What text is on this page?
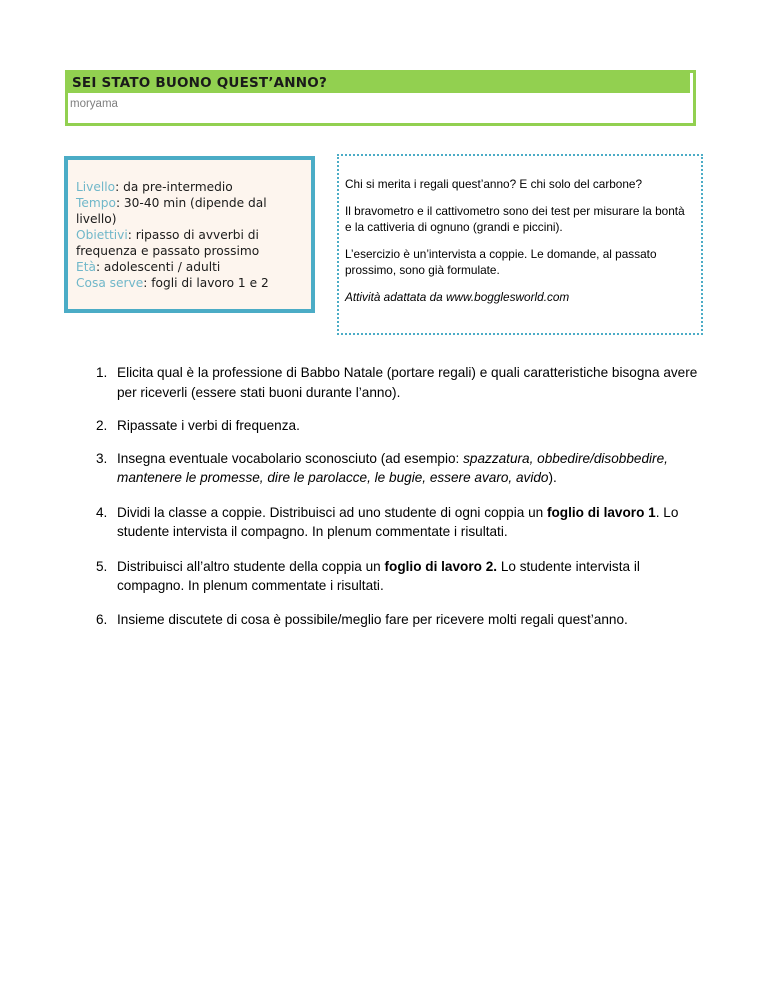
SEI STATO BUONO QUEST’ANNO?
moryama
Livello: da pre-intermedio
Tempo: 30-40 min (dipende dal livello)
Obiettivi: ripasso di avverbi di frequenza e passato prossimo
Età: adolescenti / adulti
Cosa serve: fogli di lavoro 1 e 2

Chi si merita i regali quest’anno? E chi solo del carbone?

Il bravometro e il cattivometro sono dei test per misurare la bontà e la cattiveria di ognuno (grandi e piccini).

L’esercizio è un’intervista a coppie. Le domande, al passato prossimo, sono già formulate.

Attività adattata da www.bogglesworld.com

1. Elicita qual è la professione di Babbo Natale (portare regali) e quali caratteristiche bisogna avere per riceverli (essere stati buoni durante l’anno).
2. Ripassate i verbi di frequenza.
3. Insegna eventuale vocabolario sconosciuto (ad esempio: spazzatura, obbedire/disobbedire, mantenere le promesse, dire le parolacce, le bugie, essere avaro, avido).
4. Dividi la classe a coppie. Distribuisci ad uno studente di ogni coppia un foglio di lavoro 1. Lo studente intervista il compagno. In plenum commentate i risultati.
5. Distribuisci all’altro studente della coppia un foglio di lavoro 2. Lo studente intervista il compagno. In plenum commentate i risultati.
6. Insieme discutete di cosa è possibile/meglio fare per ricevere molti regali quest’anno.
